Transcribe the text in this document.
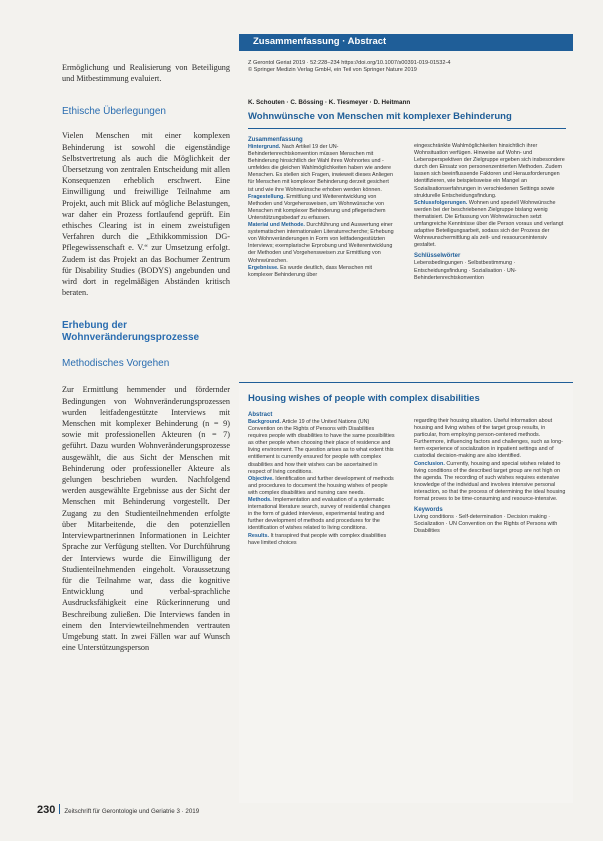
Ermöglichung und Realisierung von Beteiligung und Mitbestimmung evaluiert.

Ethische Überlegungen

Vielen Menschen mit einer komplexen Behinderung ist sowohl die eigenständige Selbstvertretung als auch die Möglichkeit der Übersetzung von zentralen Entscheidung mit allen Konsequenzen erheblich erschwert. Eine Einwilligung und freiwillige Teilnahme am Projekt, auch mit Blick auf mögliche Belastungen, war daher ein Prozess fortlaufend geprüft. Ein ethisches Clearing ist in einem zweistufigen Verfahren durch die „Ethikkommission DG-Pflegewissenschaft e. V.“ zur Umsetzung erfolgt. Zudem ist das Projekt an das Bochumer Zentrum für Disability Studies (BODYS) angebunden und wird dort in regelmäßigen Abständen kritisch beraten.

Erhebung der Wohnveränderungsprozesse

Methodisches Vorgehen

Zur Ermittlung hemmender und fördernder Bedingungen von Wohnveränderungsprozessen wurden leitfadengestützte Interviews mit Menschen mit komplexer Behinderung (n = 9) sowie mit professionellen Akteuren (n = 7) geführt. Dazu wurden Wohnveränderungsprozesse ausgewählt, die aus Sicht der Menschen mit Behinderung oder professioneller Akteure als gelungen beschrieben wurden. Nachfolgend werden ausgewählte Ergebnisse aus der Sicht der Menschen mit Behinderung vorgestellt. Der Zugang zu den Studienteilnehmenden erfolgte über Mitarbeitende, die den potenziellen Interviewpartnerinnen Informationen in Leichter Sprache zur Verfügung stellten. Vor Durchführung der Interviews wurde die Einwilligung der Studienteilnehmenden eingeholt. Voraussetzung für die Teilnahme war, dass die kognitive Entwicklung und verbal-sprachliche Ausdrucksfähigkeit eine Rückerinnerung und Beschreibung zuließen. Die Interviews fanden in einem den Interviewteilnehmenden vertrauten Umgebung statt. In zwei Fällen war auf Wunsch eine Unterstützungsperson

Zusammenfassung · Abstract
Z Gerontol Geriat 2019 · 52:228–234 https://doi.org/10.1007/s00391-019-01532-4
© Springer Medizin Verlag GmbH, ein Teil von Springer Nature 2019
K. Schouten · C. Bössing · K. Tiesmeyer · D. Heitmann
Wohnwünsche von Menschen mit komplexer Behinderung

Zusammenfassung

Hintergrund. Nach Artikel 19 der UN-Behindertenrechtskonvention müssen Menschen mit Behinderung hinsichtlich der Wahl ihres Wohnortes und -umfeldes die gleichen Wahlmöglichkeiten haben wie andere Menschen. Es stellen sich Fragen, inwieweit dieses Anliegen für Menschen mit komplexer Behinderung derzeit gesichert ist und wie ihre Wohnwünsche erhoben werden können.

Fragestellung. Ermittlung und Weiterentwicklung von Methoden und Vorgehensweisen, um Wohnwünsche von Menschen mit komplexer Behinderung und pflegerischem Unterstützungsbedarf zu erfassen.

Material und Methode. Durchführung und Auswertung einer systematischen internationalen Literaturrecherche; Erhebung von Wohnveränderungen in Form von leitfadengestützten Interviews; exemplarische Erprobung und Weiterentwicklung der Methoden und Vorgehensweisen zur Ermittlung von Wohnwünschen.

Ergebnisse. Es wurde deutlich, dass Menschen mit komplexer Behinderung über

eingeschränkte Wahlmöglichkeiten hinsichtlich ihrer Wohnsituation verfügen. Hinweise auf Wohn- und Lebensperspektiven der Zielgruppe ergeben sich insbesondere durch den Einsatz von personenzentrierten Methoden. Zudem lassen sich beeinflussende Faktoren und Herausforderungen identifizieren, wie beispielsweise ein Mangel an Sozialisationserfahrungen in verschiedenen Settings sowie strukturelle Entscheidungsfindung.

Schlussfolgerungen. Wohnen und speziell Wohnwünsche werden bei der beschriebenen Zielgruppe bislang wenig thematisiert. Die Erfassung von Wohnwünschen setzt umfangreiche Kenntnisse über die Person voraus und verlangt adaptive Beteiligungsarbeit, sodass sich der Prozess der Wohnwunschermittlung als zeit- und ressourcenintensiv gestaltet.

Schlüsselwörter

Lebensbedingungen · Selbstbestimmung · Entscheidungsfindung · Sozialisation · UN-Behindertenrechtskonvention

Housing wishes of people with complex disabilities

Abstract

Background. Article 19 of the United Nations (UN) Convention on the Rights of Persons with Disabilities requires people with disabilities to have the same possibilities as other people when choosing their place of residence and living environment. The question arises as to what extent this entitlement is currently ensured for people with complex disabilities and how their wishes can be ascertained in respect of living conditions.

Objective. Identification and further development of methods and procedures to document the housing wishes of people with complex disabilities and nursing care needs.

Methods. Implementation and evaluation of a systematic international literature search, survey of residential changes in the form of guided interviews, experimental testing and further development of methods and procedures for the identification of wishes related to living conditions.

Results. It transpired that people with complex disabilities have limited choices

regarding their housing situation. Useful information about housing and living wishes of the target group results, in particular, from employing person-centered methods. Furthermore, influencing factors and challenges, such as long-term experience of socialization in inpatient settings and of custodial decision-making are also identified.

Conclusion. Currently, housing and special wishes related to living conditions of the described target group are not high on the agenda. The recording of such wishes requires extensive knowledge of the individual and involves intensive personal interaction, so that the process of determining the ideal housing format proves to be time-consuming and resource-intensive.

Keywords

Living conditions · Self-determination · Decision making · Socialization · UN Convention on the Rights of Persons with Disabilities

230 Zeitschrift für Gerontologie und Geriatrie 3 · 2019
